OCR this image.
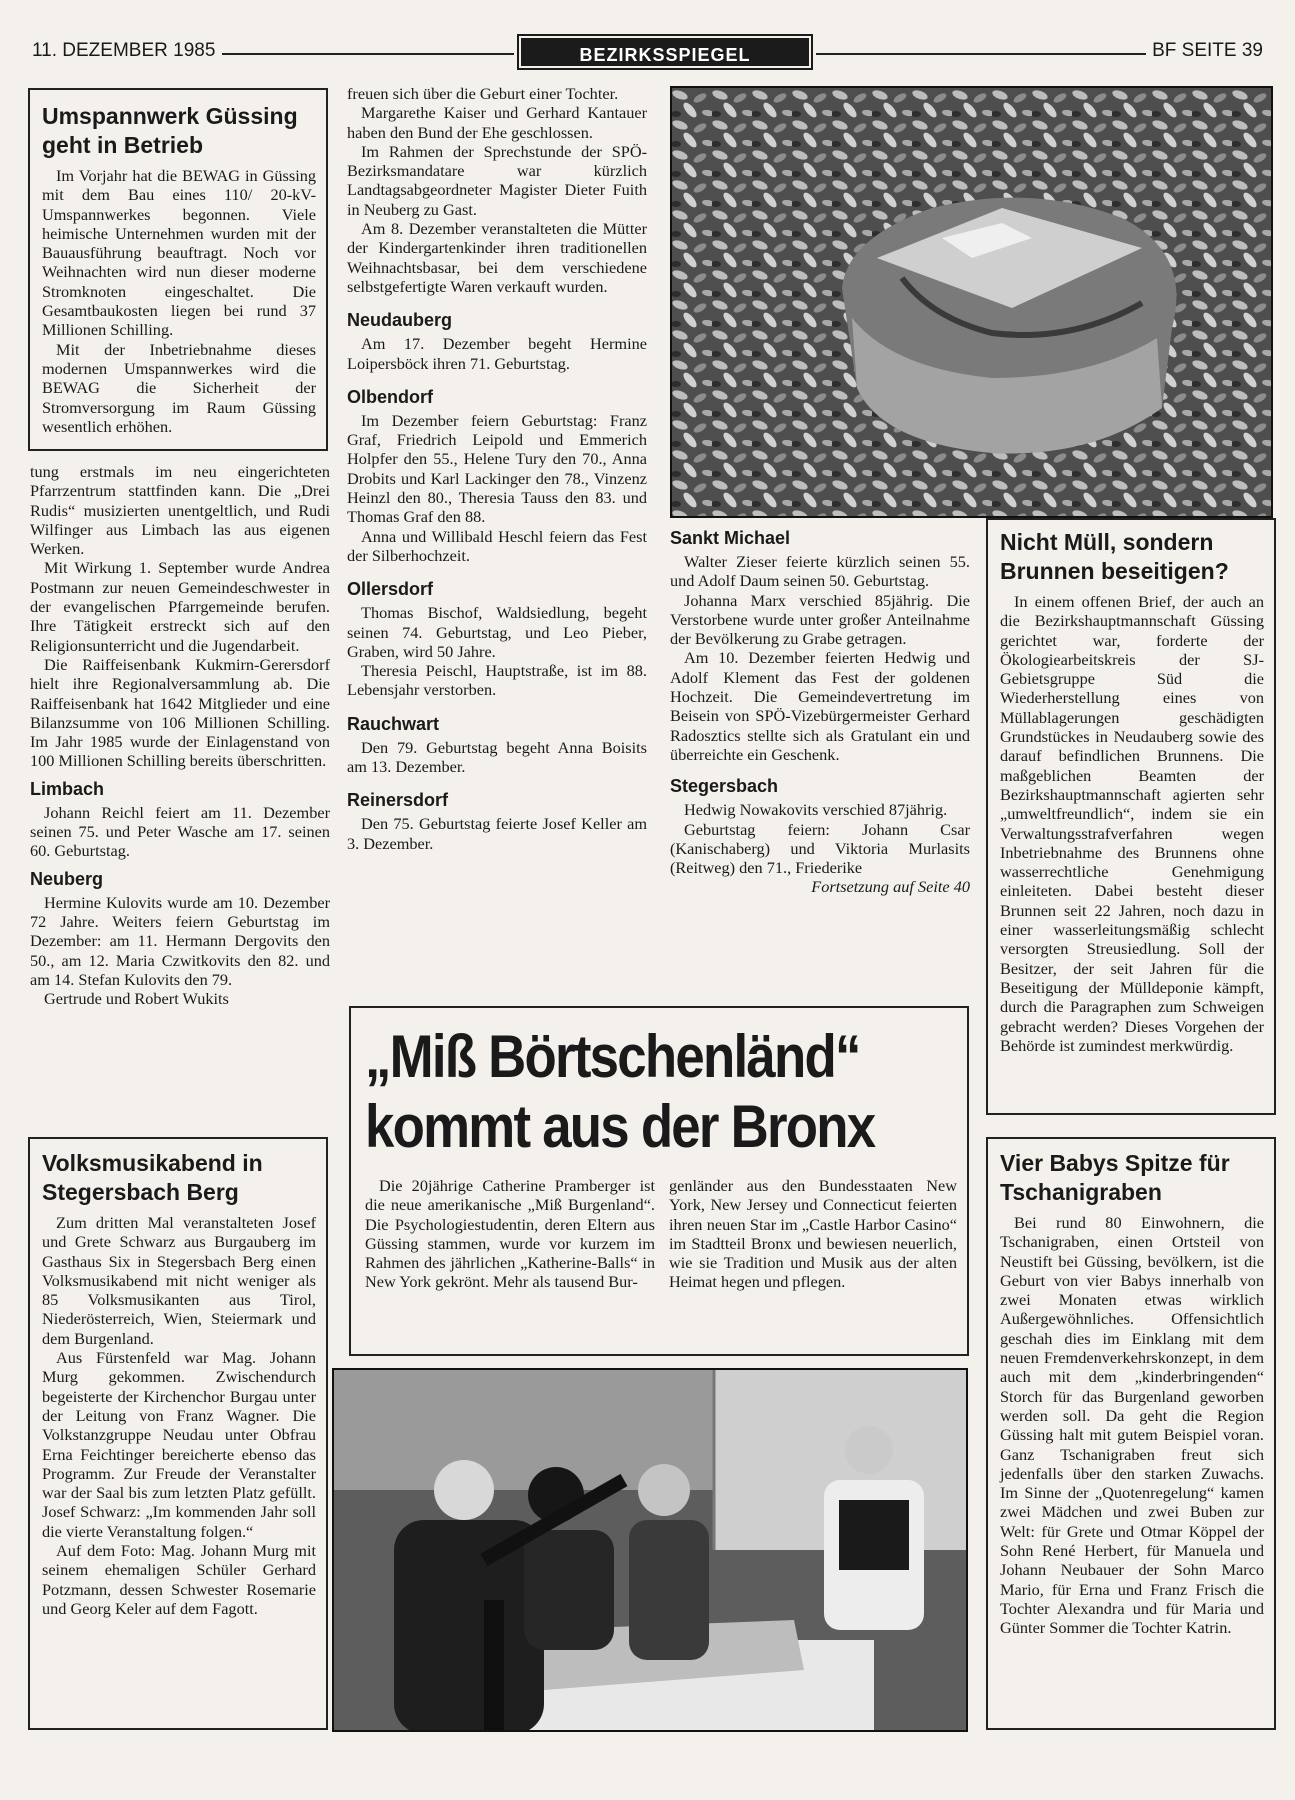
11. DEZEMBER 1985	BEZIRKSSPIEGEL	BF SEITE 39
Umspannwerk Güssing geht in Betrieb

Im Vorjahr hat die BEWAG in Güssing mit dem Bau eines 110/ 20-kV-Umspannwerkes begonnen. Viele heimische Unternehmen wurden mit der Bauausführung beauftragt. Noch vor Weihnachten wird nun dieser moderne Stromknoten eingeschaltet. Die Gesamtbaukosten liegen bei rund 37 Millionen Schilling.

Mit der Inbetriebnahme dieses modernen Umspannwerkes wird die BEWAG die Sicherheit der Stromversorgung im Raum Güssing wesentlich erhöhen.

tung erstmals im neu eingerichteten Pfarrzentrum stattfinden kann. Die „Drei Rudis“ musizierten unentgeltlich, und Rudi Wilfinger aus Limbach las aus eigenen Werken.

Mit Wirkung 1. September wurde Andrea Postmann zur neuen Gemeindeschwester in der evangelischen Pfarrgemeinde berufen. Ihre Tätigkeit erstreckt sich auf den Religionsunterricht und die Jugendarbeit.

Die Raiffeisenbank Kukmirn-Gerersdorf hielt ihre Regionalversammlung ab. Die Raiffeisenbank hat 1642 Mitglieder und eine Bilanzsumme von 106 Millionen Schilling. Im Jahr 1985 wurde der Einlagenstand von 100 Millionen Schilling bereits überschritten.

Limbach

Johann Reichl feiert am 11. Dezember seinen 75. und Peter Wasche am 17. seinen 60. Geburtstag.

Neuberg

Hermine Kulovits wurde am 10. Dezember 72 Jahre. Weiters feiern Geburtstag im Dezember: am 11. Hermann Dergovits den 50., am 12. Maria Czwitkovits den 82. und am 14. Stefan Kulovits den 79.

Gertrude und Robert Wukits

freuen sich über die Geburt einer Tochter.

Margarethe Kaiser und Gerhard Kantauer haben den Bund der Ehe geschlossen.

Im Rahmen der Sprechstunde der SPÖ-Bezirksmandatare war kürzlich Landtagsabgeordneter Magister Dieter Fuith in Neuberg zu Gast.

Am 8. Dezember veranstalteten die Mütter der Kindergartenkinder ihren traditionellen Weihnachtsbasar, bei dem verschiedene selbstgefertigte Waren verkauft wurden.

Neudauberg

Am 17. Dezember begeht Hermine Loipersböck ihren 71. Geburtstag.

Olbendorf

Im Dezember feiern Geburtstag: Franz Graf, Friedrich Leipold und Emmerich Holpfer den 55., Helene Tury den 70., Anna Drobits und Karl Lackinger den 78., Vinzenz Heinzl den 80., Theresia Tauss den 83. und Thomas Graf den 88.

Anna und Willibald Heschl feiern das Fest der Silberhochzeit.

Ollersdorf

Thomas Bischof, Waldsiedlung, begeht seinen 74. Geburtstag, und Leo Pieber, Graben, wird 50 Jahre.

Theresia Peischl, Hauptstraße, ist im 88. Lebensjahr verstorben.

Rauchwart

Den 79. Geburtstag begeht Anna Boisits am 13. Dezember.

Reinersdorf

Den 75. Geburtstag feierte Josef Keller am 3. Dezember.

Sankt Michael

Walter Zieser feierte kürzlich seinen 55. und Adolf Daum seinen 50. Geburtstag.

Johanna Marx verschied 85jährig. Die Verstorbene wurde unter großer Anteilnahme der Bevölkerung zu Grabe getragen.

Am 10. Dezember feierten Hedwig und Adolf Klement das Fest der goldenen Hochzeit. Die Gemeindevertretung im Beisein von SPÖ-Vizebürgermeister Gerhard Radosztics stellte sich als Gratulant ein und überreichte ein Geschenk.

Stegersbach

Hedwig Nowakovits verschied 87jährig.

Geburtstag feiern: Johann Csar (Kanischaberg) und Viktoria Murlasits (Reitweg) den 71., Friederike

Fortsetzung auf Seite 40

Nicht Müll, sondern Brunnen beseitigen?

In einem offenen Brief, der auch an die Bezirkshauptmannschaft Güssing gerichtet war, forderte der Ökologiearbeitskreis der SJ-Gebietsgruppe Süd die Wiederherstellung eines von Müllablagerungen geschädigten Grundstückes in Neudauberg sowie des darauf befindlichen Brunnens. Die maßgeblichen Beamten der Bezirkshauptmannschaft agierten sehr „umweltfreundlich“, indem sie ein Verwaltungsstrafverfahren wegen Inbetriebnahme des Brunnens ohne wasserrechtliche Genehmigung einleiteten. Dabei besteht dieser Brunnen seit 22 Jahren, noch dazu in einer wasserleitungsmäßig schlecht versorgten Streusiedlung. Soll der Besitzer, der seit Jahren für die Beseitigung der Mülldeponie kämpft, durch die Paragraphen zum Schweigen gebracht werden? Dieses Vorgehen der Behörde ist zumindest merkwürdig.

„Miß Börtschenländ“
kommt aus der Bronx

Die 20jährige Catherine Pramberger ist die neue amerikanische „Miß Burgenland“. Die Psychologiestudentin, deren Eltern aus Güssing stammen, wurde vor kurzem im Rahmen des jährlichen „Katherine-Balls“ in New York gekrönt. Mehr als tausend Bur-

genländer aus den Bundesstaaten New York, New Jersey und Connecticut feierten ihren neuen Star im „Castle Harbor Casino“ im Stadtteil Bronx und bewiesen neuerlich, wie sie Tradition und Musik aus der alten Heimat hegen und pflegen.

Volksmusikabend in Stegersbach Berg

Zum dritten Mal veranstalteten Josef und Grete Schwarz aus Burgauberg im Gasthaus Six in Stegersbach Berg einen Volksmusikabend mit nicht weniger als 85 Volksmusikanten aus Tirol, Niederösterreich, Wien, Steiermark und dem Burgenland.

Aus Fürstenfeld war Mag. Johann Murg gekommen. Zwischendurch begeisterte der Kirchenchor Burgau unter der Leitung von Franz Wagner. Die Volkstanzgruppe Neudau unter Obfrau Erna Feichtinger bereicherte ebenso das Programm. Zur Freude der Veranstalter war der Saal bis zum letzten Platz gefüllt. Josef Schwarz: „Im kommenden Jahr soll die vierte Veranstaltung folgen.“

Auf dem Foto: Mag. Johann Murg mit seinem ehemaligen Schüler Gerhard Potzmann, dessen Schwester Rosemarie und Georg Keler auf dem Fagott.

Vier Babys Spitze für Tschanigraben

Bei rund 80 Einwohnern, die Tschanigraben, einen Ortsteil von Neustift bei Güssing, bevölkern, ist die Geburt von vier Babys innerhalb von zwei Monaten etwas wirklich Außergewöhnliches. Offensichtlich geschah dies im Einklang mit dem neuen Fremdenverkehrskonzept, in dem auch mit dem „kinderbringenden“ Storch für das Burgenland geworben werden soll. Da geht die Region Güssing halt mit gutem Beispiel voran. Ganz Tschanigraben freut sich jedenfalls über den starken Zuwachs. Im Sinne der „Quotenregelung“ kamen zwei Mädchen und zwei Buben zur Welt: für Grete und Otmar Köppel der Sohn René Herbert, für Manuela und Johann Neubauer der Sohn Marco Mario, für Erna und Franz Frisch die Tochter Alexandra und für Maria und Günter Sommer die Tochter Katrin.
